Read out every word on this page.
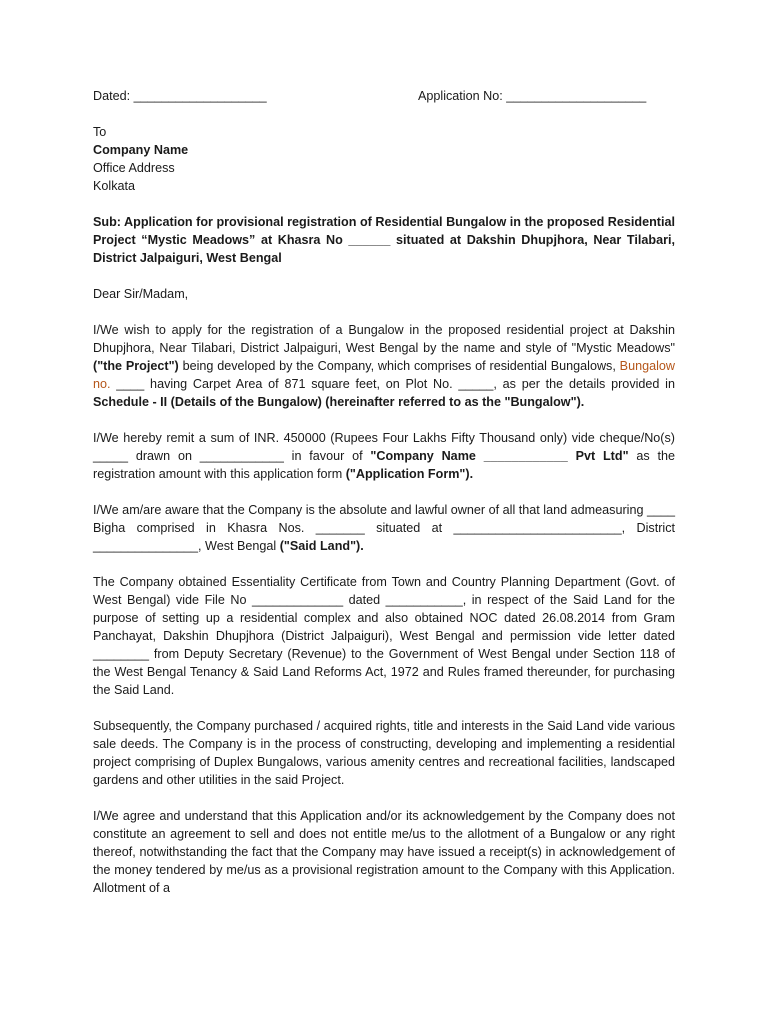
Dated: ___________________	Application No: ____________________
To
Company Name
Office Address
Kolkata

Sub: Application for provisional registration of Residential Bungalow in the proposed Residential Project “Mystic Meadows” at Khasra No ______ situated at Dakshin Dhupjhora, Near Tilabari, District Jalpaiguri, West Bengal

Dear Sir/Madam,

I/We wish to apply for the registration of a Bungalow in the proposed residential project at Dakshin Dhupjhora, Near Tilabari, District Jalpaiguri, West Bengal by the name and style of "Mystic Meadows" ("the Project") being developed by the Company, which comprises of residential Bungalows, Bungalow no. ____ having Carpet Area of 871 square feet, on Plot No. _____, as per the details provided in Schedule - II (Details of the Bungalow) (hereinafter referred to as the "Bungalow").

I/We hereby remit a sum of INR. 450000 (Rupees Four Lakhs Fifty Thousand only) vide cheque/No(s) _____ drawn on ____________ in favour of "Company Name ____________ Pvt Ltd" as the registration amount with this application form ("Application Form").

I/We am/are aware that the Company is the absolute and lawful owner of all that land admeasuring ____ Bigha comprised in Khasra Nos. _______ situated at ________________________, District _______________, West Bengal ("Said Land").

The Company obtained Essentiality Certificate from Town and Country Planning Department (Govt. of West Bengal) vide File No _____________ dated ___________, in respect of the Said Land for the purpose of setting up a residential complex and also obtained NOC dated 26.08.2014 from Gram Panchayat, Dakshin Dhupjhora (District Jalpaiguri), West Bengal and permission vide letter dated ________ from Deputy Secretary (Revenue) to the Government of West Bengal under Section 118 of the West Bengal Tenancy & Said Land Reforms Act, 1972 and Rules framed thereunder, for purchasing the Said Land.

Subsequently, the Company purchased / acquired rights, title and interests in the Said Land vide various sale deeds. The Company is in the process of constructing, developing and implementing a residential project comprising of Duplex Bungalows, various amenity centres and recreational facilities, landscaped gardens and other utilities in the said Project.

I/We agree and understand that this Application and/or its acknowledgement by the Company does not constitute an agreement to sell and does not entitle me/us to the allotment of a Bungalow or any right thereof, notwithstanding the fact that the Company may have issued a receipt(s) in acknowledgement of the money tendered by me/us as a provisional registration amount to the Company with this Application. Allotment of a
